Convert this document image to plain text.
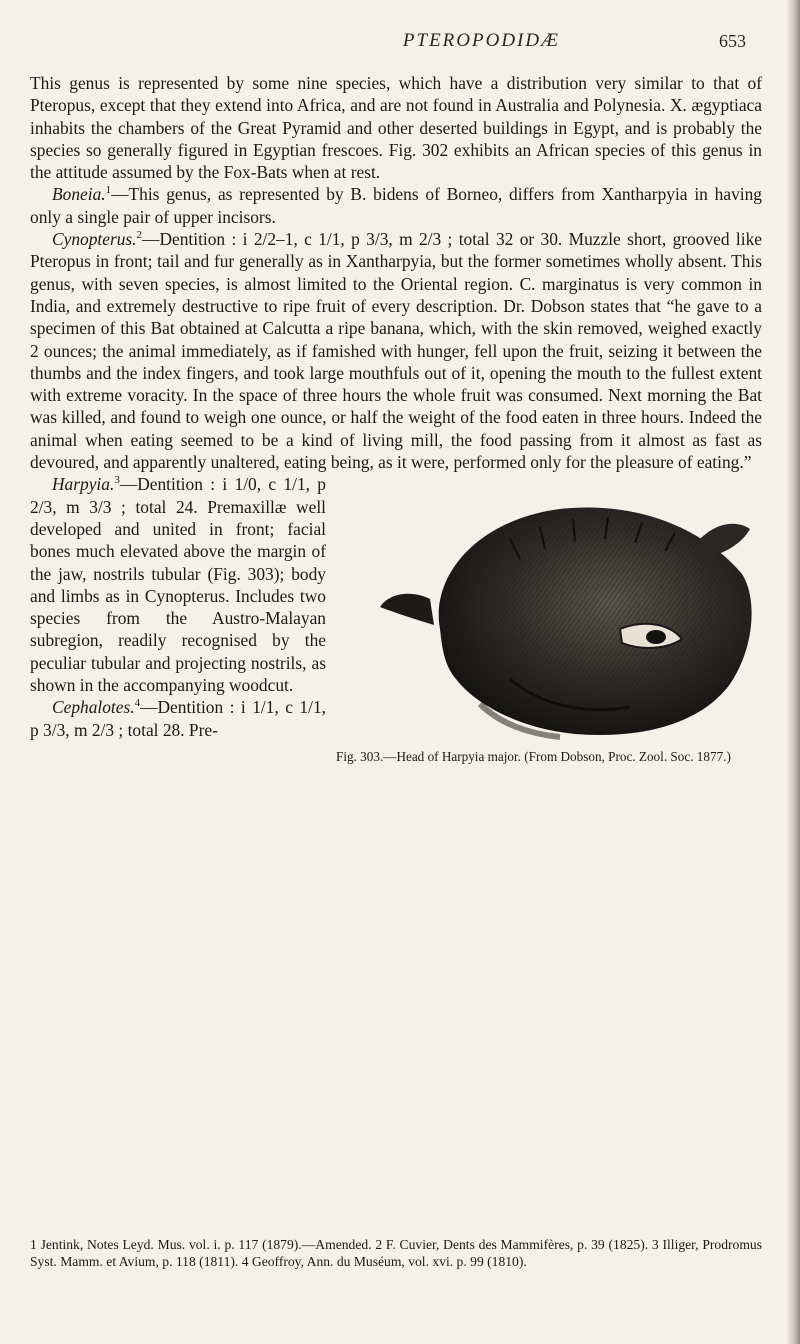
PTEROPODIDÆ	653

This genus is represented by some nine species, which have a distribution very similar to that of Pteropus, except that they extend into Africa, and are not found in Australia and Polynesia. X. ægyptiaca inhabits the chambers of the Great Pyramid and other deserted buildings in Egypt, and is probably the species so generally figured in Egyptian frescoes. Fig. 302 exhibits an African species of this genus in the attitude assumed by the Fox-Bats when at rest.

Boneia.$^1$—This genus, as represented by B. bidens of Borneo, differs from Xantharpyia in having only a single pair of upper incisors.

Cynopterus.$^2$—Dentition : i 2/2–1, c 1/1, p 3/3, m 2/3 ; total 32 or 30. Muzzle short, grooved like Pteropus in front; tail and fur generally as in Xantharpyia, but the former sometimes wholly absent. This genus, with seven species, is almost limited to the Oriental region. C. marginatus is very common in India, and extremely destructive to ripe fruit of every description. Dr. Dobson states that “he gave to a specimen of this Bat obtained at Calcutta a ripe banana, which, with the skin removed, weighed exactly 2 ounces; the animal immediately, as if famished with hunger, fell upon the fruit, seizing it between the thumbs and the index fingers, and took large mouthfuls out of it, opening the mouth to the fullest extent with extreme voracity. In the space of three hours the whole fruit was consumed. Next morning the Bat was killed, and found to weigh one ounce, or half the weight of the food eaten in three hours. Indeed the animal when eating seemed to be a kind of living mill, the food passing from it almost as fast as devoured, and apparently unaltered, eating being, as it were, performed only for the pleasure of eating.”

Fig. 303.—Head of Harpyia major. (From Dobson, Proc. Zool. Soc. 1877.)

Harpyia.$^3$—Dentition : i 1/0, c 1/1, p 2/3, m 3/3 ; total 24. Premaxillæ well developed and united in front; facial bones much elevated above the margin of the jaw, nostrils tubular (Fig. 303); body and limbs as in Cynopterus. Includes two species from the Austro-Malayan subregion, readily recognised by the peculiar tubular and projecting nostrils, as shown in the accompanying woodcut.

Cephalotes.$^4$—Dentition : i 1/1, c 1/1, p 3/3, m 2/3 ; total 28. Pre-

1 Jentink, Notes Leyd. Mus. vol. i. p. 117 (1879).—Amended. 2 F. Cuvier, Dents des Mammifères, p. 39 (1825). 3 Illiger, Prodromus Syst. Mamm. et Avium, p. 118 (1811). 4 Geoffroy, Ann. du Muséum, vol. xvi. p. 99 (1810).
